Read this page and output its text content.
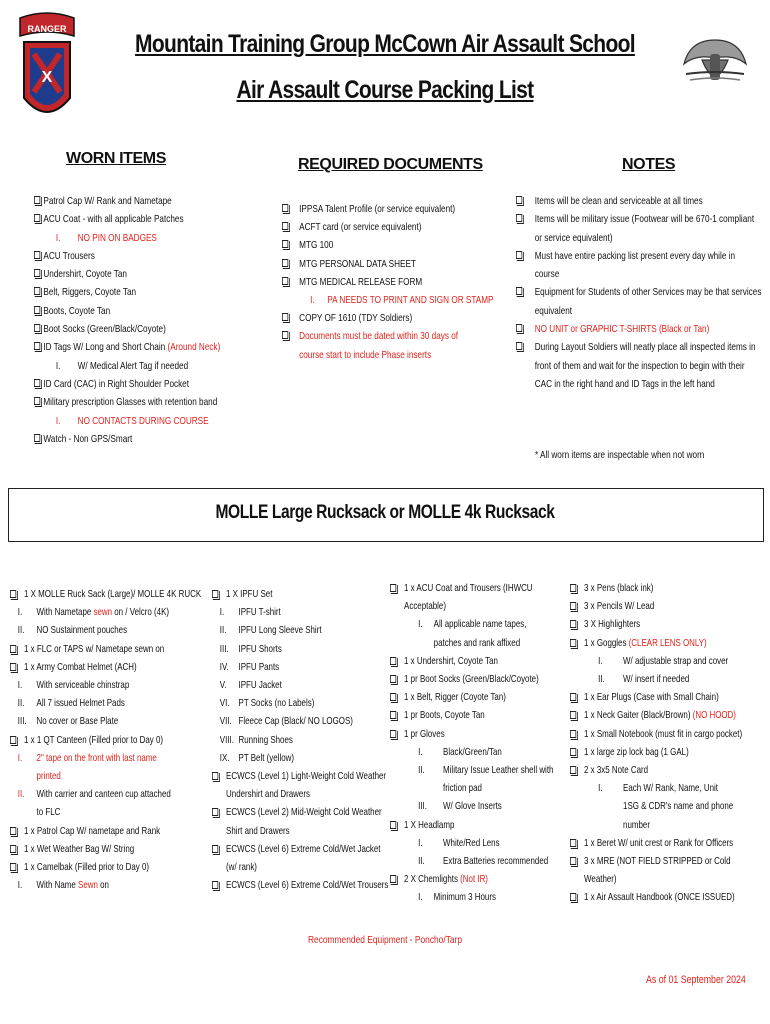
RANGER
X
Mountain Training Group McCown Air Assault School
Air Assault Course Packing List
WORN ITEMS	REQUIRED DOCUMENTS	NOTES
Patrol Cap W/ Rank and Nametape
ACU Coat - with all applicable Patches
I. NO PIN ON BADGES
ACU Trousers
Undershirt, Coyote Tan
Belt, Riggers, Coyote Tan
Boots, Coyote Tan
Boot Socks (Green/Black/Coyote)
ID Tags W/ Long and Short Chain (Around Neck)
I. W/ Medical Alert Tag if needed
ID Card (CAC) in Right Shoulder Pocket
Military prescription Glasses with retention band
I. NO CONTACTS DURING COURSE
Watch - Non GPS/Smart
IPPSA Talent Profile (or service equivalent)
ACFT card (or service equivalent)
MTG 100
MTG PERSONAL DATA SHEET
MTG MEDICAL RELEASE FORM
I. PA NEEDS TO PRINT AND SIGN OR STAMP
COPY OF 1610 (TDY Soldiers)
Documents must be dated within 30 days of
course start to include Phase inserts
Items will be clean and serviceable at all times
Items will be military issue (Footwear will be 670-1 compliant
or service equivalent)
Must have entire packing list present every day while in
course
Equipment for Students of other Services may be that services
equivalent
NO UNIT or GRAPHIC T-SHIRTS (Black or Tan)
During Layout Soldiers will neatly place all inspected items in
front of them and wait for the inspection to begin with their
CAC in the right hand and ID Tags in the left hand
* All worn items are inspectable when not worn
MOLLE Large Rucksack or MOLLE 4k Rucksack
1 X MOLLE Ruck Sack (Large)/ MOLLE 4K RUCK
I. With Nametape sewn on / Velcro (4K)
II. NO Sustainment pouches
1 x FLC or TAPS w/ Nametape sewn on
1 x Army Combat Helmet (ACH)
I. With serviceable chinstrap
II. All 7 issued Helmet Pads
III. No cover or Base Plate
1 x 1 QT Canteen (Filled prior to Day 0)
I. 2" tape on the front with last name
printed
II. With carrier and canteen cup attached
to FLC
1 x Patrol Cap W/ nametape and Rank
1 x Wet Weather Bag W/ String
1 x Camelbak (Filled prior to Day 0)
I. With Name Sewn on
1 X IPFU Set
I. IPFU T-shirt
II. IPFU Long Sleeve Shirt
III. IPFU Shorts
IV. IPFU Pants
V. IPFU Jacket
VI. PT Socks (no Labels)
VII. Fleece Cap (Black/ NO LOGOS)
VIII. Running Shoes
IX. PT Belt (yellow)
ECWCS (Level 1) Light-Weight Cold Weather
Undershirt and Drawers
ECWCS (Level 2) Mid-Weight Cold Weather
Shirt and Drawers
ECWCS (Level 6) Extreme Cold/Wet Jacket
(w/ rank)
ECWCS (Level 6) Extreme Cold/Wet Trousers
1 x ACU Coat and Trousers (IHWCU
Acceptable)
I. All applicable name tapes,
patches and rank affixed
1 x Undershirt, Coyote Tan
1 pr Boot Socks (Green/Black/Coyote)
1 x Belt, Rigger (Coyote Tan)
1 pr Boots, Coyote Tan
1 pr Gloves
I. Black/Green/Tan
II. Military Issue Leather shell with
friction pad
III. W/ Glove Inserts
1 X Headlamp
I. White/Red Lens
II. Extra Batteries recommended
2 X Chemlights (Not IR)
I. Minimum 3 Hours
3 x Pens (black ink)
3 x Pencils W/ Lead
3 X Highlighters
1 x Goggles (CLEAR LENS ONLY)
I. W/ adjustable strap and cover
II. W/ insert if needed
1 x Ear Plugs (Case with Small Chain)
1 x Neck Gaiter (Black/Brown) (NO HOOD)
1 x Small Notebook (must fit in cargo pocket)
1 x large zip lock bag (1 GAL)
2 x 3x5 Note Card
I. Each W/ Rank, Name, Unit
1SG & CDR's name and phone
number
1 x Beret W/ unit crest or Rank for Officers
3 x MRE (NOT FIELD STRIPPED or Cold
Weather)
1 x Air Assault Handbook (ONCE ISSUED)
Recommended Equipment - Poncho/Tarp
As of 01 September 2024
